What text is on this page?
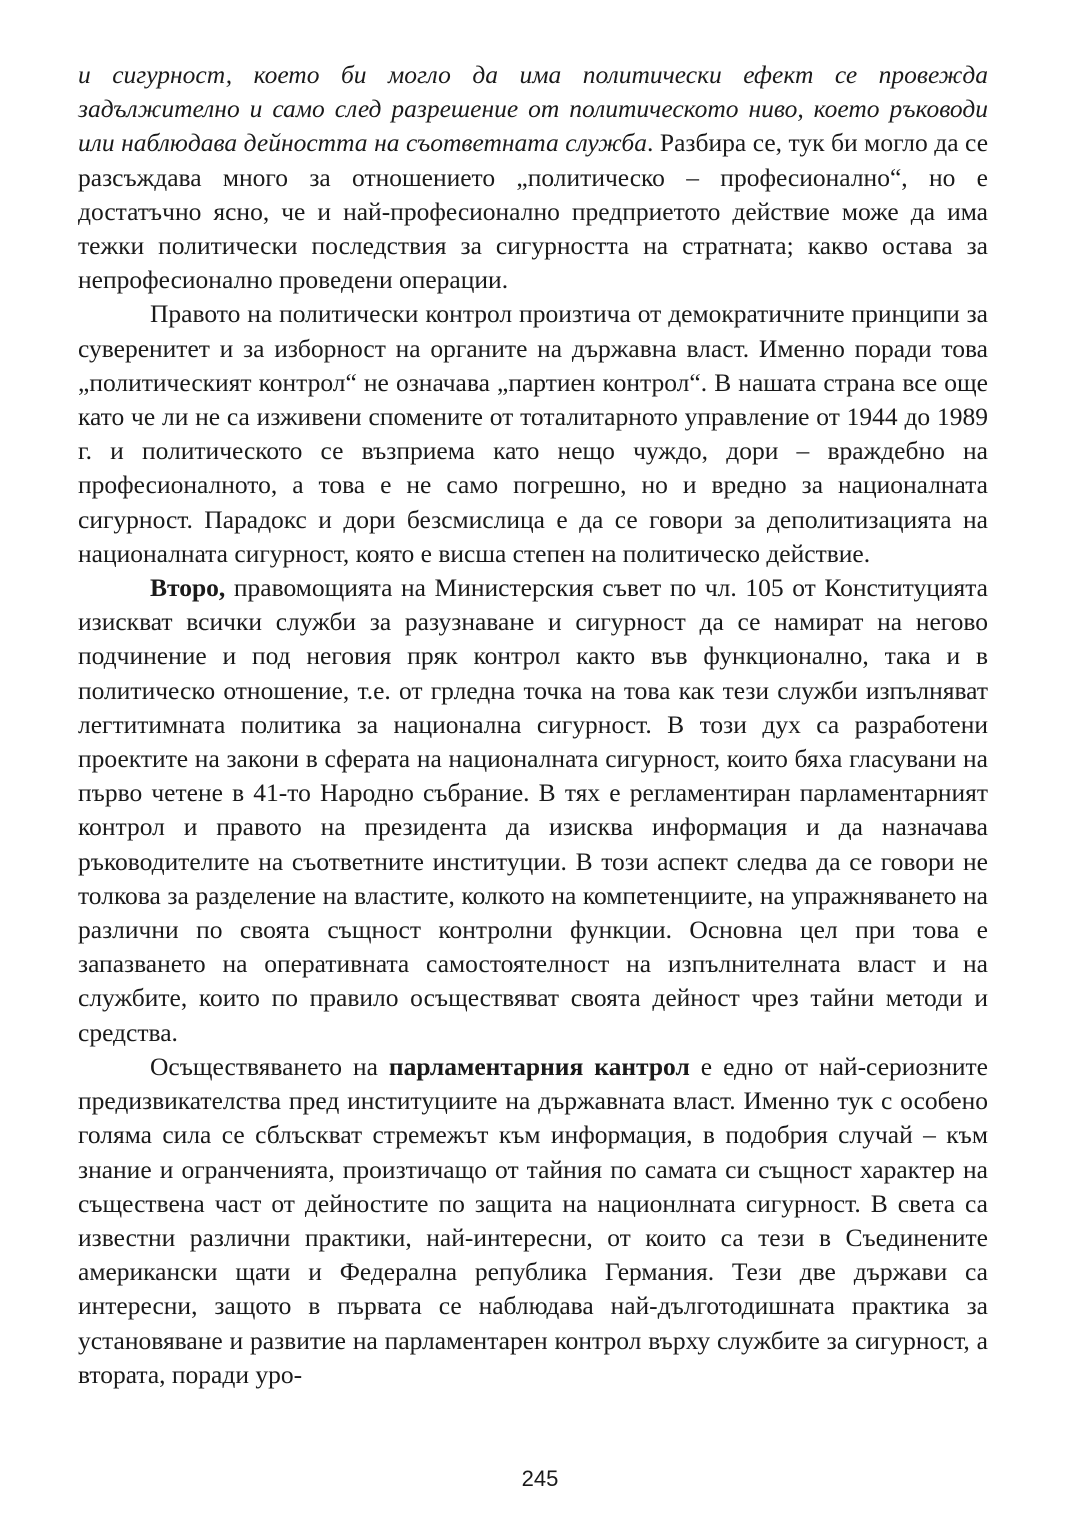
и сигурност, което би могло да има политически ефект се провежда задължително и само след разрешение от политическото ниво, което ръководи или наблюдава дейността на съответната служба. Разбира се, тук би могло да се разсъждава много за отношението „политическо – професионално“, но е достатъчно ясно, че и най-професионално предприетото действие може да има тежки политически последствия за сигурността на стратната; какво остава за непрофесионално проведени операции.

Правото на политически контрол произтича от демократичните принципи за суверенитет и за изборност на органите на държавна власт. Именно поради това „политическият контрол“ не означава „партиен контрол“. В нашата страна все още като че ли не са изживени спомените от тоталитарното управление от 1944 до 1989 г. и политическото се възприема като нещо чуждо, дори – враждебно на професионалното, а това е не само погрешно, но и вредно за националната сигурност. Парадокс и дори безсмислица е да се говори за деполитизацията на националната сигурност, която е висша степен на политическо действие.

Второ, правомощията на Министерския съвет по чл. 105 от Конституцията изискват всички служби за разузнаване и сигурност да се намират на негово подчинение и под неговия пряк контрол както във функционално, така и в политическо отношение, т.е. от грледна точка на това как тези служби изпълняват легтитимната политика за национална сигурност. В този дух са разработени проектите на закони в сферата на националната сигурност, които бяха гласувани на първо четене в 41-то Народно събрание. В тях е регламентиран парламентарният контрол и правото на президента да изисква информация и да назначава ръководителите на съответните институции. В този аспект следва да се говори не толкова за разделение на властите, колкото на компетенциите, на упражняването на различни по своята същност контролни функции. Основна цел при това е запазването на оперативната самостоятелност на изпълнителната власт и на службите, които по правило осъществяват своята дейност чрез тайни методи и средства.

Осъществяването на парламентарния кантрол е едно от най-сериозните предизвикателства пред институциите на държавната власт. Именно тук с особено голяма сила се сблъскват стремежът към информация, в подобрия случай – към знание и огранченията, произтичащо от тайния по самата си същност характер на съществена част от дейностите по защита на национлната сигурност. В света са известни различни практики, най-интересни, от които са тези в Съединените американски щати и Федерална република Германия. Тези две държави са интересни, защото в първата се наблюдава най-дълготодишната практика за установяване и развитие на парламентарен контрол върху службите за сигурност, а втората, поради уро-

245
